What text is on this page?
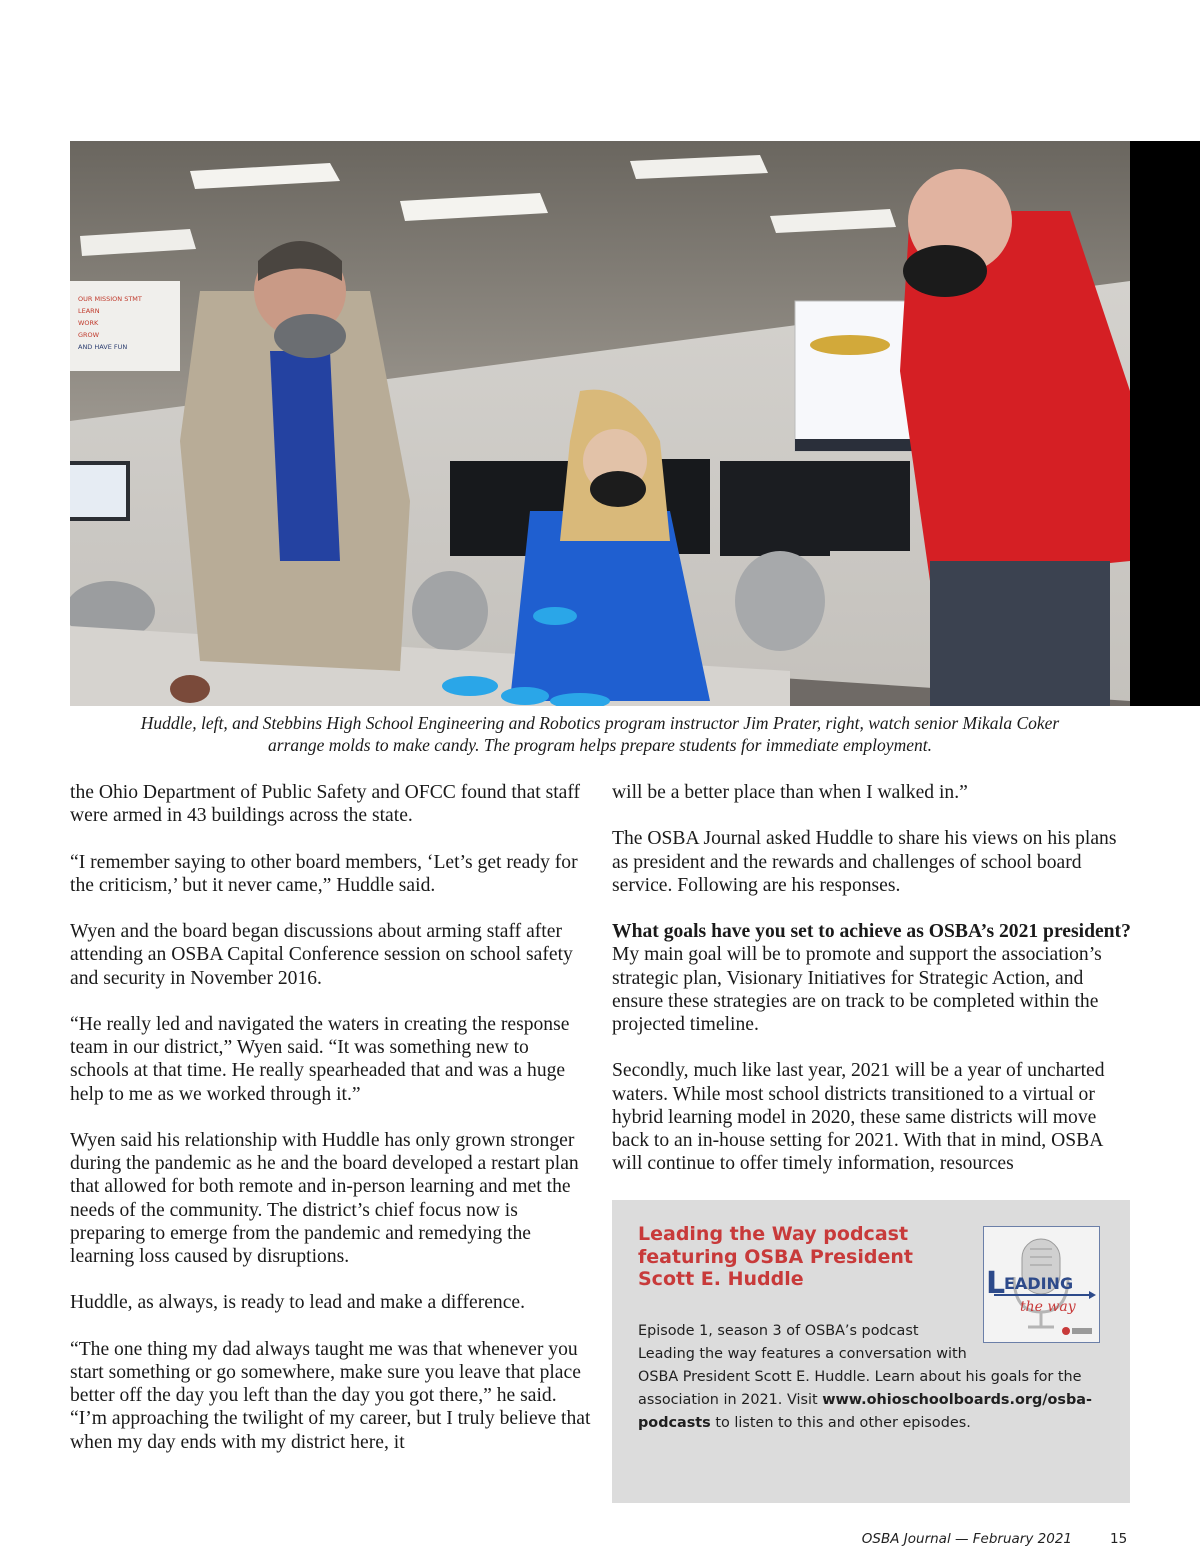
OUR MISSION STMT
LEARN
WORK
GROW
AND HAVE FUN

Huddle, left, and Stebbins High School Engineering and Robotics program instructor Jim Prater, right, watch senior Mikala Coker

arrange molds to make candy. The program helps prepare students for immediate employment.

the Ohio Department of Public Safety and OFCC found that staff were armed in 43 buildings across the state.

“I remember saying to other board members, ‘Let’s get ready for the criticism,’ but it never came,” Huddle said.

Wyen and the board began discussions about arming staff after attending an OSBA Capital Conference session on school safety and security in November 2016.

“He really led and navigated the waters in creating the response team in our district,” Wyen said. “It was something new to schools at that time. He really spearheaded that and was a huge help to me as we worked through it.”

Wyen said his relationship with Huddle has only grown stronger during the pandemic as he and the board developed a restart plan that allowed for both remote and in-person learning and met the needs of the community. The district’s chief focus now is preparing to emerge from the pandemic and remedying the learning loss caused by disruptions.

Huddle, as always, is ready to lead and make a difference.

“The one thing my dad always taught me was that whenever you start something or go somewhere, make sure you leave that place better off the day you left than the day you got there,” he said. “I’m approaching the twilight of my career, but I truly believe that when my day ends with my district here, it

will be a better place than when I walked in.”

The OSBA Journal asked Huddle to share his views on his plans as president and the rewards and challenges of school board service. Following are his responses.

What goals have you set to achieve as OSBA’s 2021 president?
My main goal will be to promote and support the association’s strategic plan, Visionary Initiatives for Strategic Action, and ensure these strategies are on track to be completed within the projected timeline.

Secondly, much like last year, 2021 will be a year of uncharted waters. While most school districts transitioned to a virtual or hybrid learning model in 2020, these same districts will move back to an in-house setting for 2021. With that in mind, OSBA will continue to offer timely information, resources

Leading the Way podcast
featuring OSBA President
Scott E. Huddle	L
EADING
the way
Episode 1, season 3 of OSBA’s podcast
Leading the way features a conversation with
OSBA President Scott E. Huddle. Learn about his goals for the
association in 2021. Visit www.ohioschoolboards.org/osba-
podcasts to listen to this and other episodes.
OSBA Journal — February 2021	15
